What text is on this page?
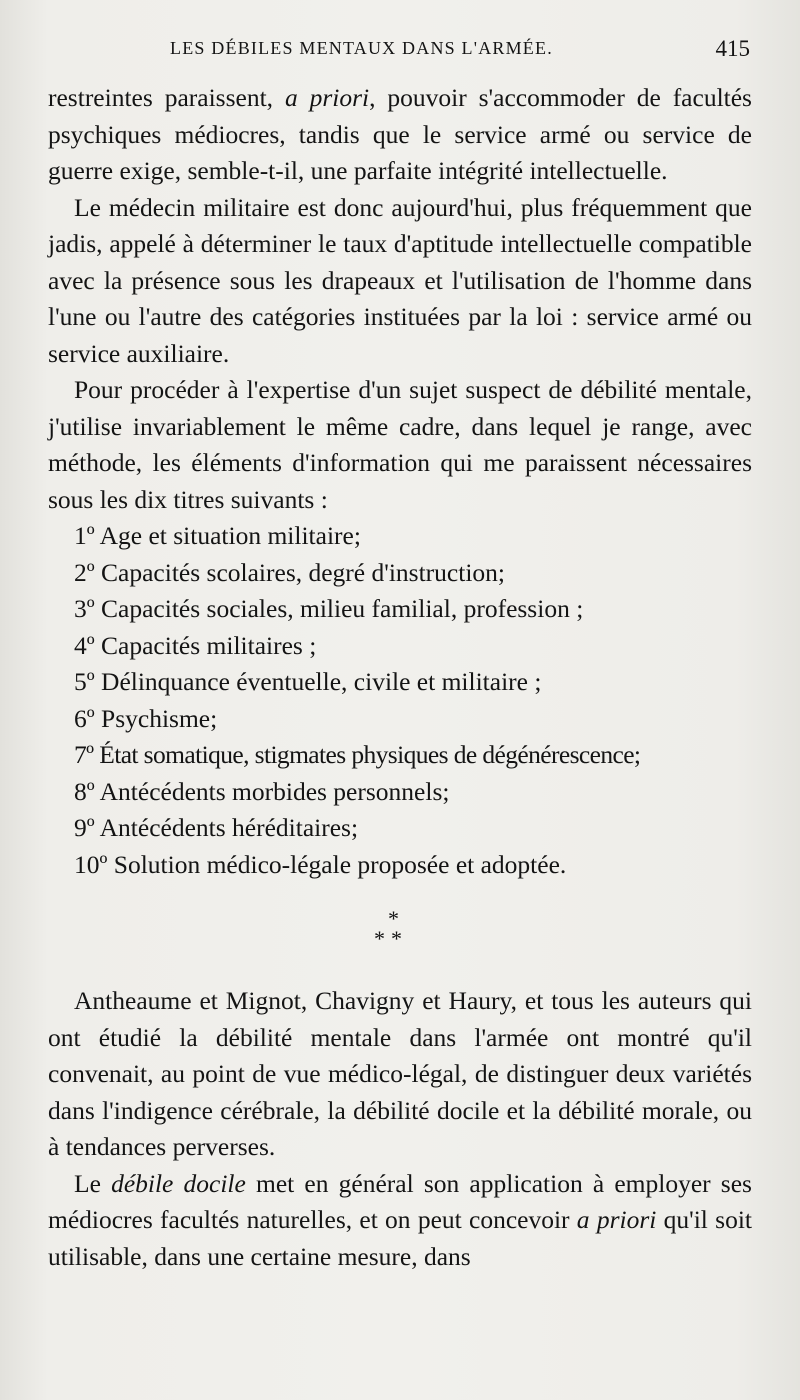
LES DÉBILES MENTAUX DANS L'ARMÉE.	415

restreintes paraissent, a priori, pouvoir s'accommoder de facultés psychiques médiocres, tandis que le service armé ou service de guerre exige, semble-t-il, une parfaite intégrité intellectuelle.

Le médecin militaire est donc aujourd'hui, plus fréquemment que jadis, appelé à déterminer le taux d'aptitude intellectuelle compatible avec la présence sous les drapeaux et l'utilisation de l'homme dans l'une ou l'autre des catégories instituées par la loi : service armé ou service auxiliaire.

Pour procéder à l'expertise d'un sujet suspect de débilité mentale, j'utilise invariablement le même cadre, dans lequel je range, avec méthode, les éléments d'information qui me paraissent nécessaires sous les dix titres suivants :

1º Age et situation militaire;
2º Capacités scolaires, degré d'instruction;
3º Capacités sociales, milieu familial, profession ;
4º Capacités militaires ;
5º Délinquance éventuelle, civile et militaire ;
6º Psychisme;
7º État somatique, stigmates physiques de dégénérescence;
8º Antécédents morbides personnels;
9º Antécédents héréditaires;
10º Solution médico-légale proposée et adoptée.
*
**

Antheaume et Mignot, Chavigny et Haury, et tous les auteurs qui ont étudié la débilité mentale dans l'armée ont montré qu'il convenait, au point de vue médico-légal, de distinguer deux variétés dans l'indigence cérébrale, la débilité docile et la débilité morale, ou à tendances perverses.

Le débile docile met en général son application à employer ses médiocres facultés naturelles, et on peut concevoir a priori qu'il soit utilisable, dans une certaine mesure, dans
